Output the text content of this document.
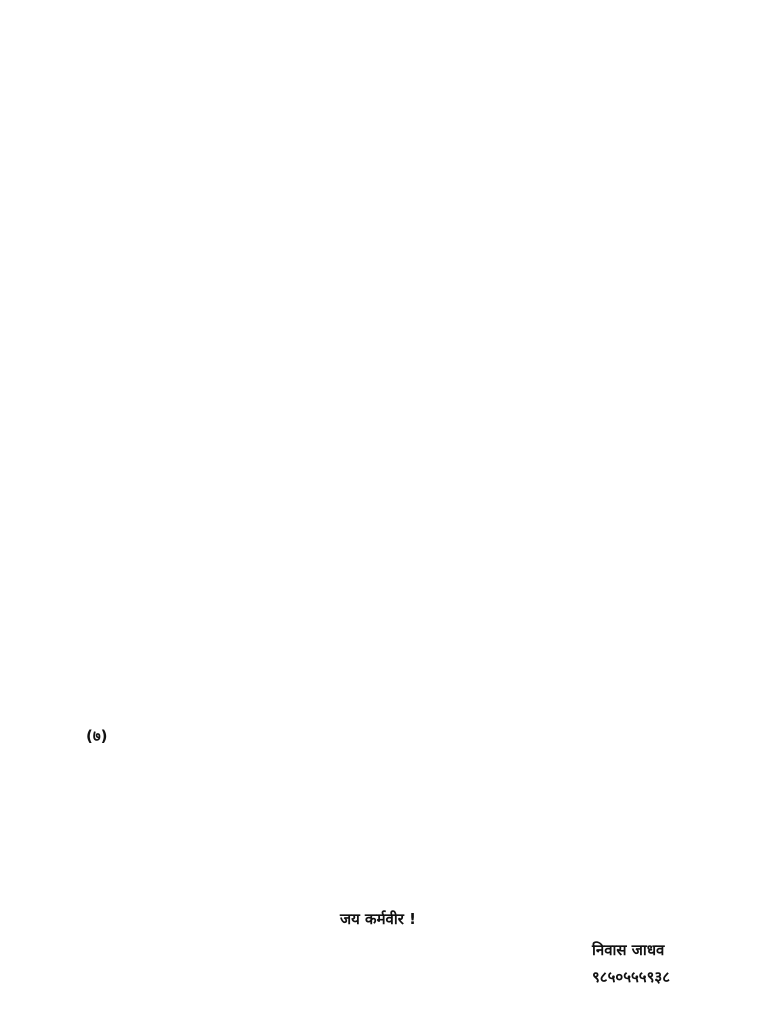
(७)
जय कर्मवीर !
निवास जाधव
९८५०५५५९३८
